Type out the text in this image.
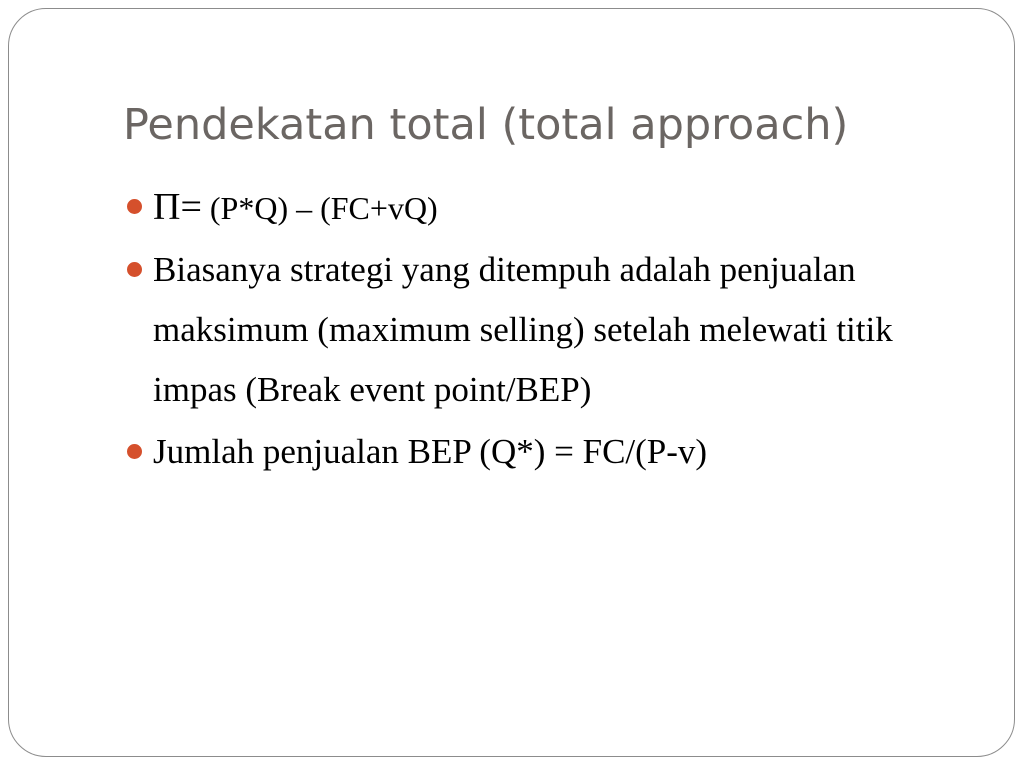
Pendekatan total (total approach)
Π= (P*Q) – (FC+vQ)
Biasanya strategi yang ditempuh adalah penjualan maksimum (maximum selling) setelah melewati titik impas (Break event point/BEP)
Jumlah penjualan BEP (Q*) = FC/(P-v)
